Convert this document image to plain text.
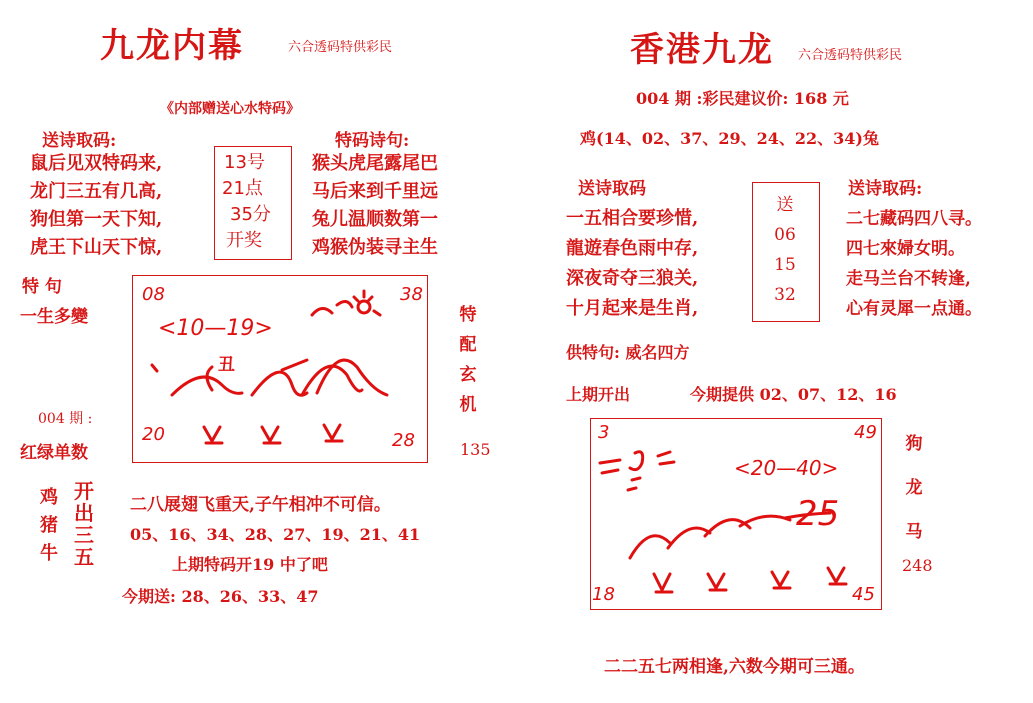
九龙内幕	六合透码特供彩民
《内部赠送心水特码》
送诗取码:
鼠后见双特码来,
龙门三五有几高,
狗但第一天下知,
虎王下山天下惊,
13号
21点
35分
开奖
特码诗句:
猴头虎尾露尾巴
马后来到千里远
兔儿温顺数第一
鸡猴伪装寻主生
特 句
一生多變
004 期 :
红绿单数
08	38
<10—19>
丑
20	28
特
配
玄
机
135
鸡
猪
牛
开
出
三
五
二八展翅飞重天,子午相冲不可信。
05、16、34、28、27、19、21、41
上期特码开19 中了吧
今期送: 28、26、33、47
香港九龙 六合透码特供彩民
004 期 :彩民建议价: 168 元
鸡(14、02、37、29、24、22、34)兔
送诗取码
一五相合要珍惜,
龍遊春色雨中存,
深夜奇夺三狼关,
十月起来是生肖,
送
06
15
32
送诗取码:
二七藏码四八寻。
四七來婦女明。
走马兰台不转逢,
心有灵犀一点通。
供特句: 威名四方
上期开出	今期提供 02、07、12、16
3	49
<20—40>
25
18	45
狗
龙
马
248
二二五七两相逢,六数今期可三通。
